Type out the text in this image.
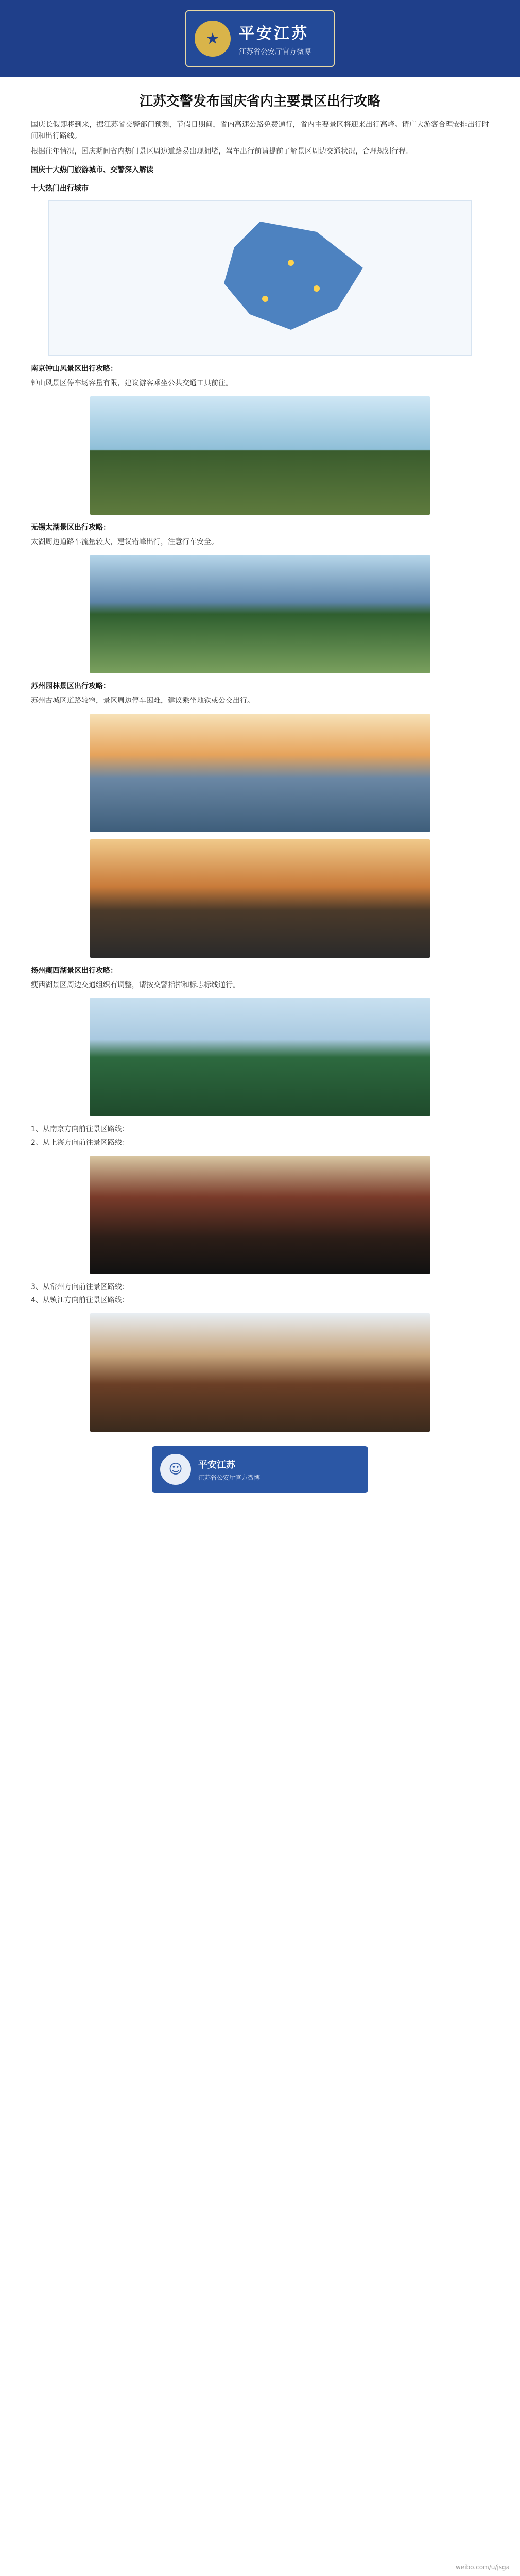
★	平安江苏
江苏省公安厅官方微博
江苏交警发布国庆省内主要景区出行攻略

国庆长假即将到来，据江苏省交警部门预测，节假日期间，省内高速公路免费通行，省内主要景区将迎来出行高峰。请广大游客合理安排出行时间和出行路线。

根据往年情况，国庆期间省内热门景区周边道路易出现拥堵，驾车出行前请提前了解景区周边交通状况，合理规划行程。

国庆十大热门旅游城市、交警深入解读
十大热门出行城市
南京钟山风景区出行攻略：

钟山风景区停车场容量有限，建议游客乘坐公共交通工具前往。

无锡太湖景区出行攻略：

太湖周边道路车流量较大，建议错峰出行，注意行车安全。

苏州园林景区出行攻略：

苏州古城区道路较窄，景区周边停车困难，建议乘坐地铁或公交出行。

扬州瘦西湖景区出行攻略：

瘦西湖景区周边交通组织有调整，请按交警指挥和标志标线通行。

1、从南京方向前往景区路线：
2、从上海方向前往景区路线：
3、从常州方向前往景区路线：
4、从镇江方向前往景区路线：
☺	平安江苏
江苏省公安厅官方微博
weibo.com/u/jsga
